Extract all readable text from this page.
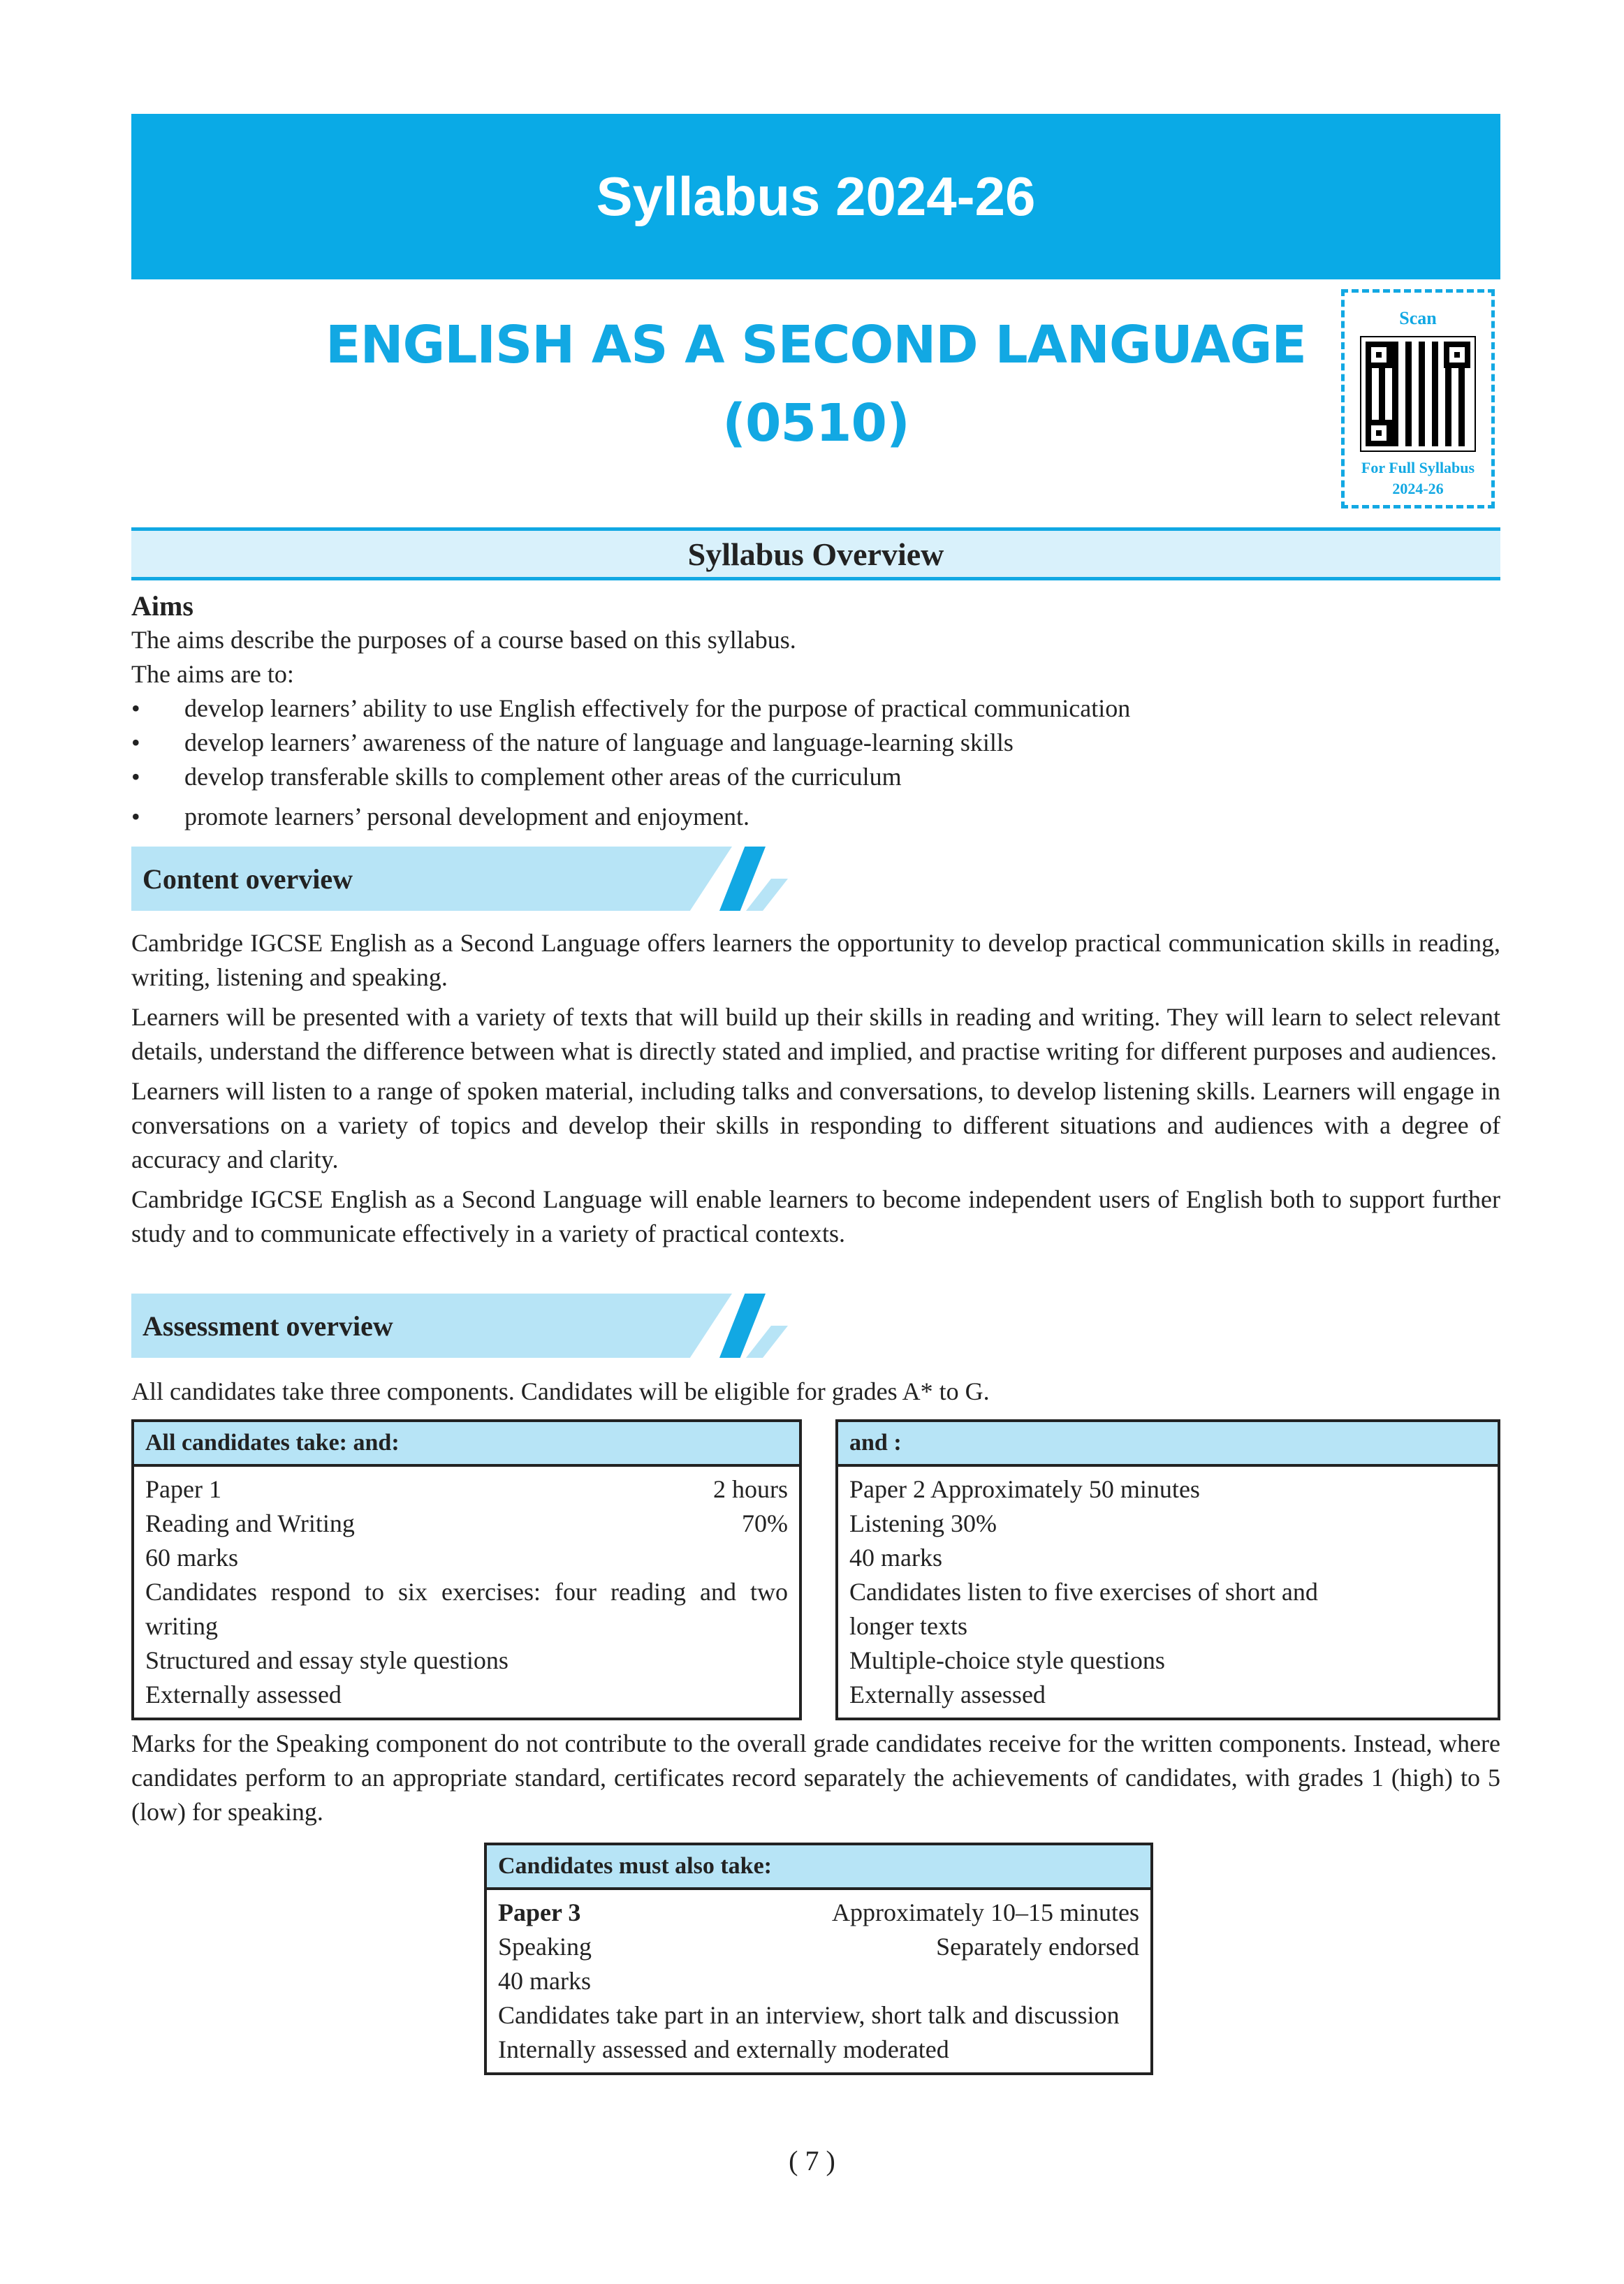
Syllabus 2024-26
ENGLISH AS A SECOND LANGUAGE
(0510)
Scan
For Full Syllabus
2024-26
Syllabus Overview
Aims
The aims describe the purposes of a course based on this syllabus.
The aims are to:
• develop learners’ ability to use English effectively for the purpose of practical communication
• develop learners’ awareness of the nature of language and language-learning skills
• develop transferable skills to complement other areas of the curriculum
• promote learners’ personal development and enjoyment.
Content overview

Cambridge IGCSE English as a Second Language offers learners the opportunity to develop practical communication skills in reading, writing, listening and speaking.

Learners will be presented with a variety of texts that will build up their skills in reading and writing. They will learn to select relevant details, understand the difference between what is directly stated and implied, and practise writing for different purposes and audiences.

Learners will listen to a range of spoken material, including talks and conversations, to develop listening skills. Learners will engage in conversations on a variety of topics and develop their skills in responding to different situations and audiences with a degree of accuracy and clarity.

Cambridge IGCSE English as a Second Language will enable learners to become independent users of English both to support further study and to communicate effectively in a variety of practical contexts.

Assessment overview
All candidates take three components. Candidates will be eligible for grades A* to G.
All candidates take: and:
Paper 1	2 hours
Reading and Writing	70%
60 marks
Candidates respond to six exercises: four reading and two writing
Structured and essay style questions
Externally assessed
and :
Paper 2 Approximately 50 minutes
Listening 30%
40 marks
Candidates listen to five exercises of short and
longer texts
Multiple-choice style questions
Externally assessed

Marks for the Speaking component do not contribute to the overall grade candidates receive for the written components. Instead, where candidates perform to an appropriate standard, certificates record separately the achievements of candidates, with grades 1 (high) to 5 (low) for speaking.

Candidates must also take:
Paper 3	Approximately 10–15 minutes
Speaking	Separately endorsed
40 marks
Candidates take part in an interview, short talk and discussion
Internally assessed and externally moderated
( 7 )
